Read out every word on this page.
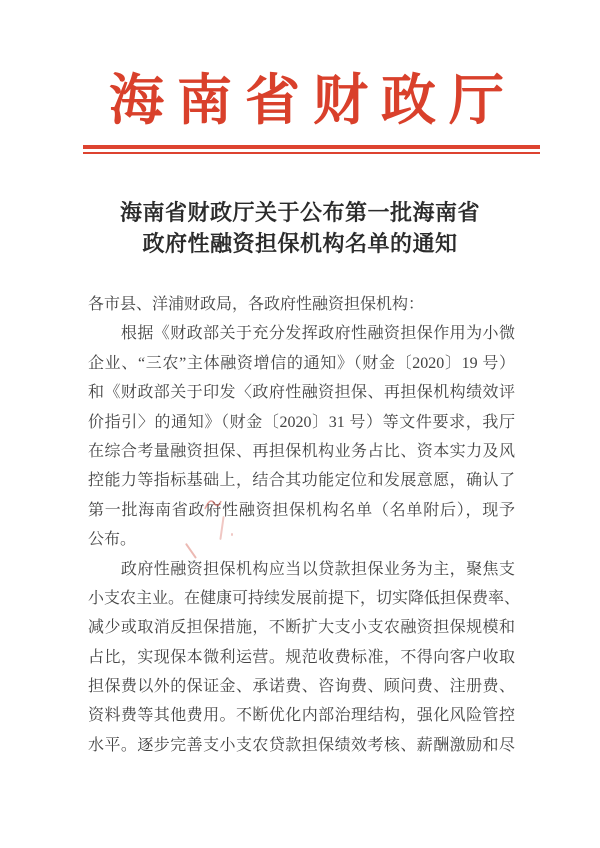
海南省财政厅
海南省财政厅关于公布第一批海南省
政府性融资担保机构名单的通知
各市县、洋浦财政局，各政府性融资担保机构：
　　根据《财政部关于充分发挥政府性融资担保作用为小微
企业、“三农”主体融资增信的通知》（财金〔2020〕19 号）
和《财政部关于印发〈政府性融资担保、再担保机构绩效评
价指引〉的通知》（财金〔2020〕31 号）等文件要求，我厅
在综合考量融资担保、再担保机构业务占比、资本实力及风
控能力等指标基础上，结合其功能定位和发展意愿，确认了
第一批海南省政府性融资担保机构名单（名单附后），现予
公布。
　　政府性融资担保机构应当以贷款担保业务为主，聚焦支
小支农主业。在健康可持续发展前提下，切实降低担保费率、
减少或取消反担保措施，不断扩大支小支农融资担保规模和
占比，实现保本微利运营。规范收费标准，不得向客户收取
担保费以外的保证金、承诺费、咨询费、顾问费、注册费、
资料费等其他费用。不断优化内部治理结构，强化风险管控
水平。逐步完善支小支农贷款担保绩效考核、薪酬激励和尽
